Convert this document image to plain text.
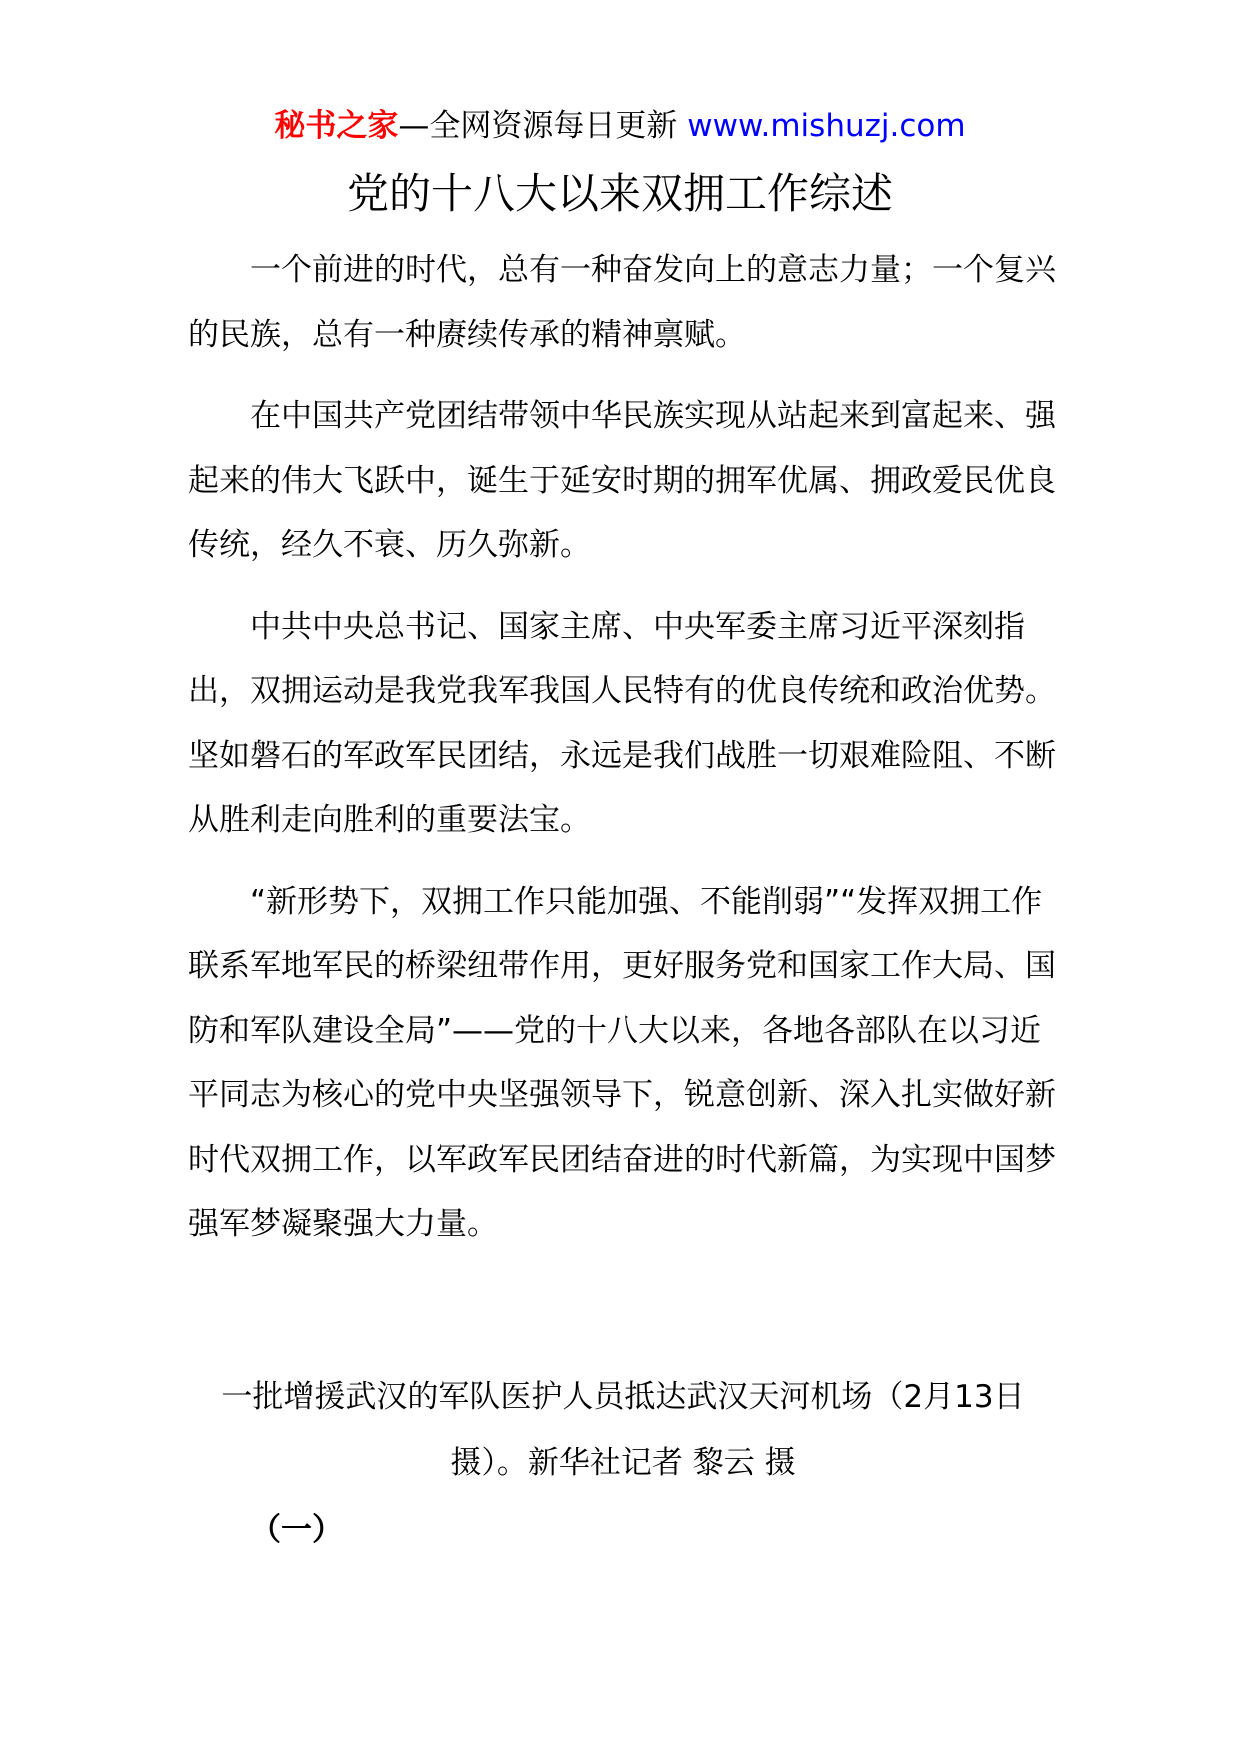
秘书之家—全网资源每日更新 www.mishuzj.com
党的十八大以来双拥工作综述

一个前进的时代，总有一种奋发向上的意志力量；一个复兴的民族，总有一种赓续传承的精神禀赋。

在中国共产党团结带领中华民族实现从站起来到富起来、强起来的伟大飞跃中，诞生于延安时期的拥军优属、拥政爱民优良传统，经久不衰、历久弥新。

中共中央总书记、国家主席、中央军委主席习近平深刻指出，双拥运动是我党我军我国人民特有的优良传统和政治优势。坚如磐石的军政军民团结，永远是我们战胜一切艰难险阻、不断从胜利走向胜利的重要法宝。

“新形势下，双拥工作只能加强、不能削弱”“发挥双拥工作联系军地军民的桥梁纽带作用，更好服务党和国家工作大局、国防和军队建设全局”——党的十八大以来，各地各部队在以习近平同志为核心的党中央坚强领导下，锐意创新、深入扎实做好新时代双拥工作，以军政军民团结奋进的时代新篇，为实现中国梦强军梦凝聚强大力量。

一批增援武汉的军队医护人员抵达武汉天河机场（2月13日摄）。新华社记者 黎云 摄
（一）
